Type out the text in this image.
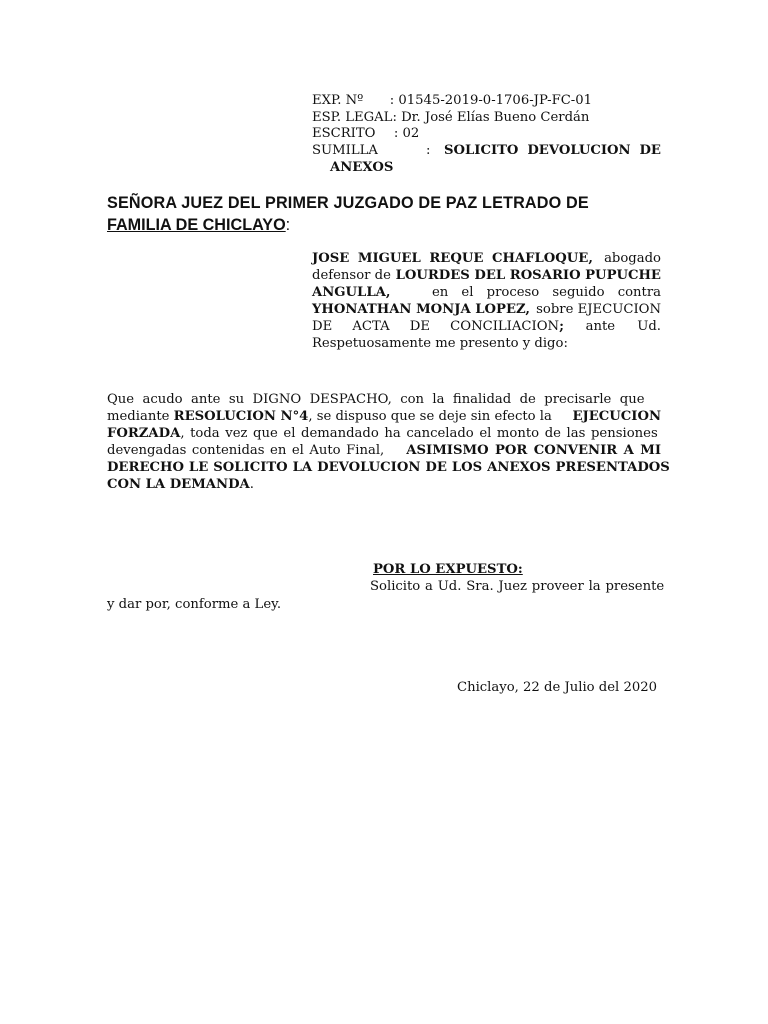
EXP. Nº : 01545-2019-0-1706-JP-FC-01
ESP. LEGAL: Dr. José Elías Bueno Cerdán
ESCRITO : 02
SUMILLA	: SOLICITO DEVOLUCION DE
ANEXOS
SEÑORA JUEZ DEL PRIMER JUZGADO DE PAZ LETRADO DE
FAMILIA DE CHICLAYO:
JOSE MIGUEL REQUE CHAFLOQUE, abogado
defensor de LOURDES DEL ROSARIO PUPUCHE
ANGULLA,	en el proceso seguido contra
YHONATHAN MONJA LOPEZ, sobre EJECUCION
DE ACTA DE CONCILIACION; ante Ud.
Respetuosamente me presento y digo:
Que acudo ante su DIGNO DESPACHO, con la finalidad de precisarle que
mediante RESOLUCION N°4, se dispuso que se deje sin efecto la EJECUCION
FORZADA, toda vez que el demandado ha cancelado el monto de las pensiones
devengadas contenidas en el Auto Final, ASIMISMO POR CONVENIR A MI
DERECHO LE SOLICITO LA DEVOLUCION DE LOS ANEXOS PRESENTADOS
CON LA DEMANDA.
POR LO EXPUESTO:
Solicito a Ud. Sra. Juez proveer la presente
y dar por, conforme a Ley.
Chiclayo, 22 de Julio del 2020
